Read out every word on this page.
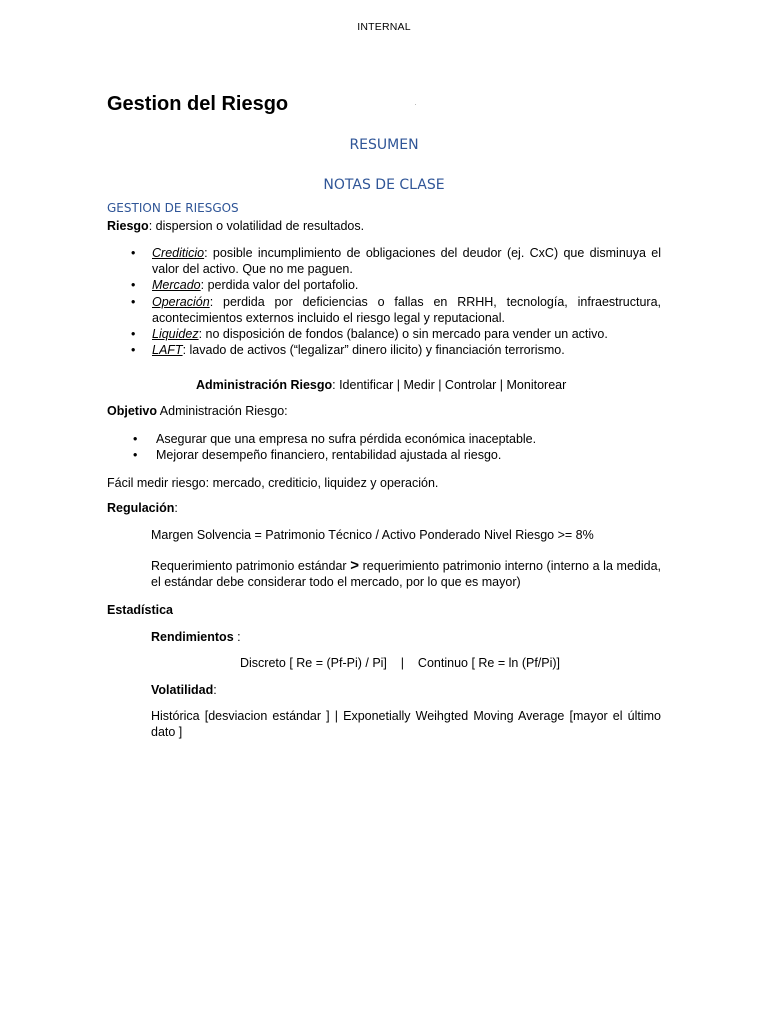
INTERNAL
Gestion del Riesgo
RESUMEN
NOTAS DE CLASE
GESTION DE RIESGOS
Riesgo: dispersion o volatilidad de resultados.
• Crediticio: posible incumplimiento de obligaciones del deudor (ej. CxC) que disminuya el valor del activo. Que no me paguen.
• Mercado: perdida valor del portafolio.
• Operación: perdida por deficiencias o fallas en RRHH, tecnología, infraestructura, acontecimientos externos incluido el riesgo legal y reputacional.
• Liquidez: no disposición de fondos (balance) o sin mercado para vender un activo.
• LAFT: lavado de activos (“legalizar” dinero ilicito) y financiación terrorismo.
Administración Riesgo: Identificar | Medir | Controlar | Monitorear
Objetivo Administración Riesgo:
• Asegurar que una empresa no sufra pérdida económica inaceptable.
• Mejorar desempeño financiero, rentabilidad ajustada al riesgo.
Fácil medir riesgo: mercado, crediticio, liquidez y operación.
Regulación:
Margen Solvencia = Patrimonio Técnico / Activo Ponderado Nivel Riesgo >= 8%
Requerimiento patrimonio estándar > requerimiento patrimonio interno (interno a la medida, el estándar debe considerar todo el mercado, por lo que es mayor)
Estadística
Rendimientos :
Discreto [ Re = (Pf-Pi) / Pi]    |    Continuo [ Re = ln (Pf/Pi)]
Volatilidad:
Histórica [desviacion estándar ] | Exponetially Weihgted Moving Average [mayor el último dato ]
